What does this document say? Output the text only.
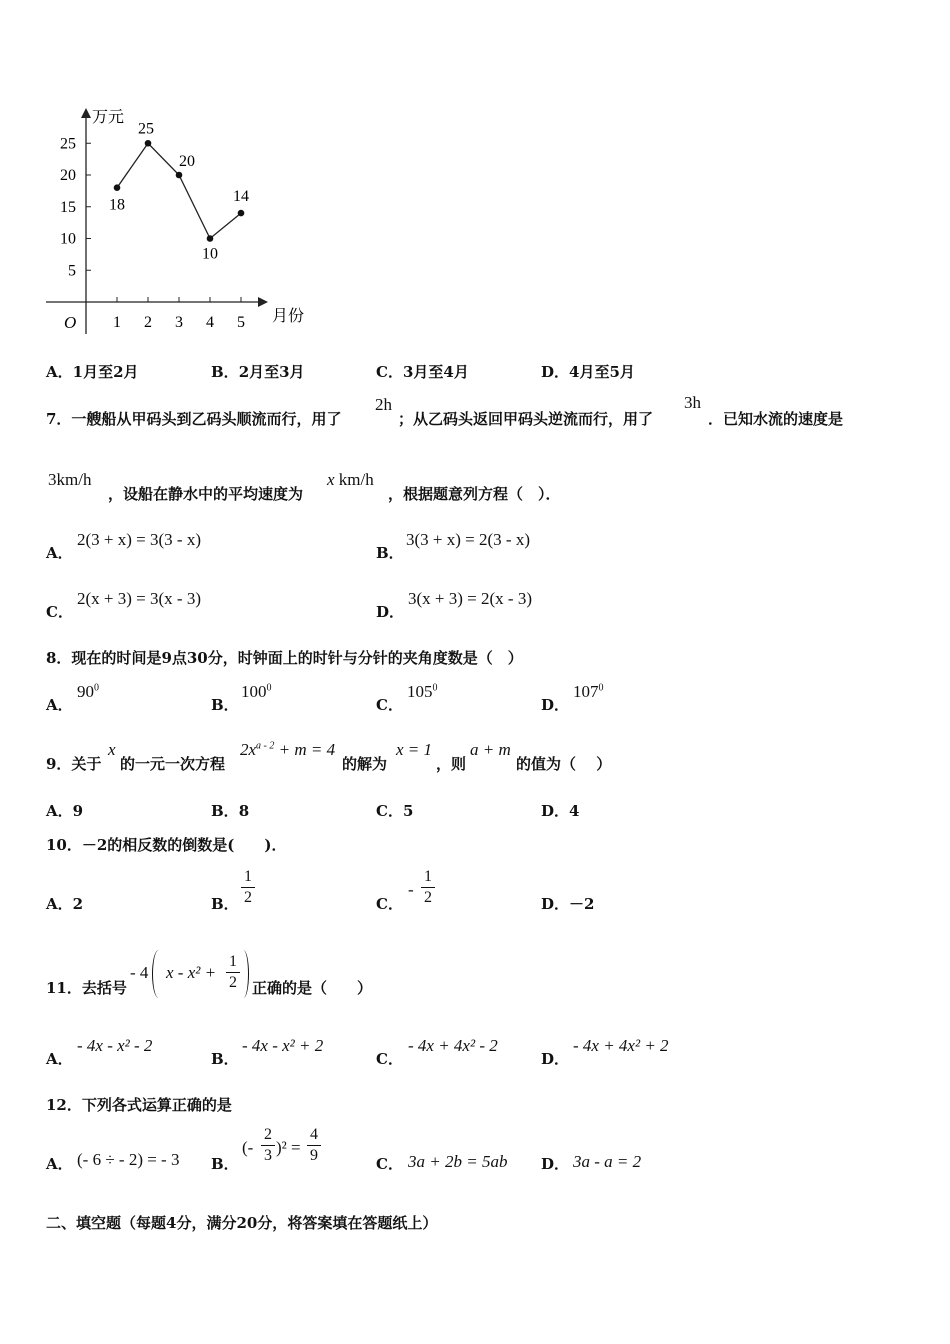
万元
月份
O 1 2 3 4 5
5
10
15
20
25
18
25
20
10
14
A．1月至2月	B．2月至3月	C．3月至4月	D．4月至5月
7．一艘船从甲码头到乙码头顺流而行，用了
2h
；从乙码头返回甲码头逆流而行，用了
3h
．已知水流的速度是
3km/h
，设船在静水中的平均速度为
x km/h
，根据题意列方程（　）．
A．
2(3 + x) = 3(3 - x)
B．
3(3 + x) = 2(3 - x)
C．
2(x + 3) = 3(x - 3)
D．
3(x + 3) = 2(x - 3)
8．现在的时间是9点30分，时钟面上的时针与分针的夹角度数是（　）
A．
$90^0$
B．
$100^0$
C．
$105^0$
D．
$107^0$
9．关于
x
的一元一次方程
$2x^{a - 2} + m = 4$
的解为
x = 1
，则
a + m
的值为（　 ）
A．9	B．8	C．5	D．4
10．－2的相反数的倒数是(　　)．
A．2	B．
1
2	C．
-
1
2	D．－2
11．去括号
- 4 x - x² +
1
2 正确的是（　　）
A．
- 4x - x² - 2
B．
- 4x - x² + 2
C．
- 4x + 4x² - 2
D．
- 4x + 4x² + 2
12．下列各式运算正确的是
A． (- 6 ÷ - 2) = - 3 B．
(-
2
3 )² =
4
9	C． 3a + 2b = 5ab D． 3a - a = 2
二、填空题（每题4分，满分20分，将答案填在答题纸上）
